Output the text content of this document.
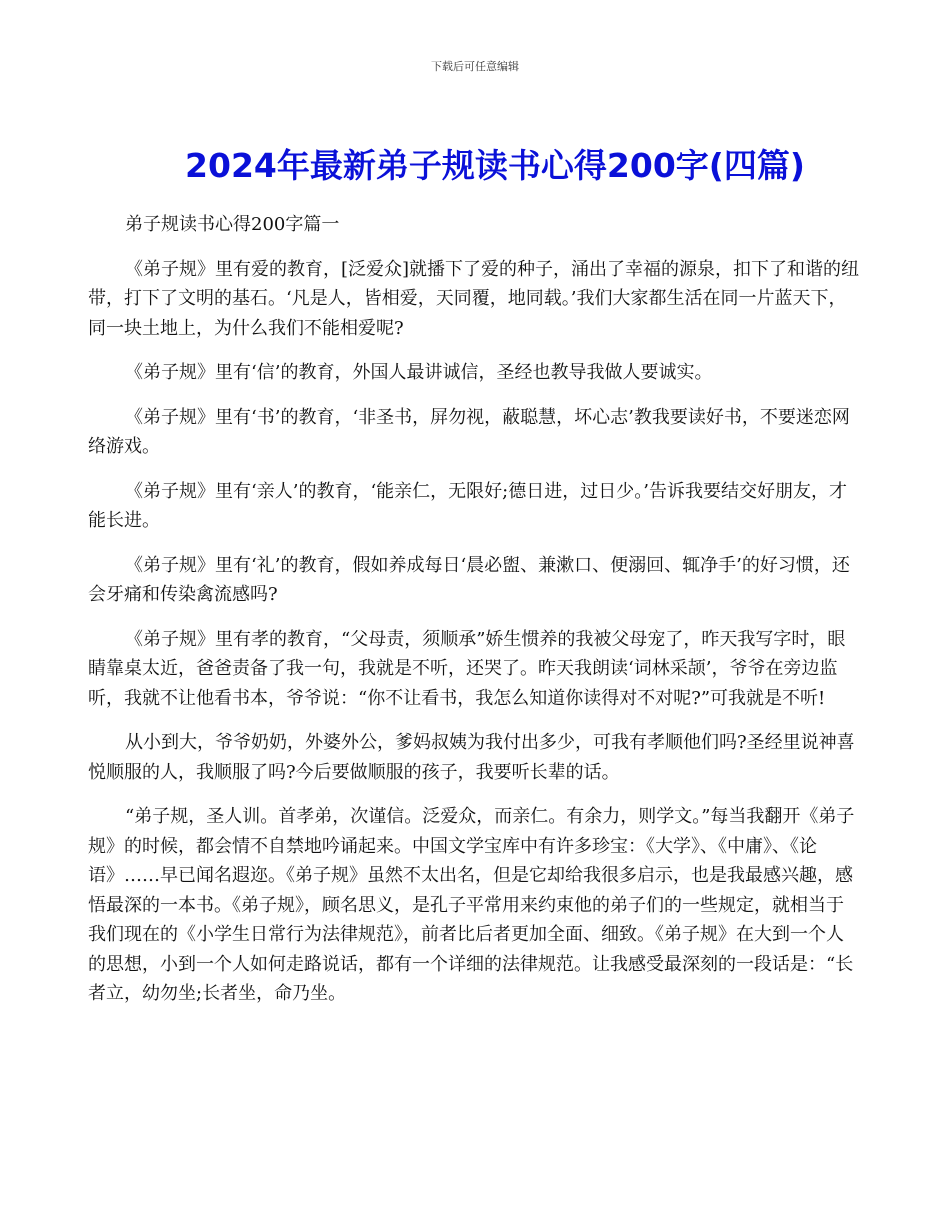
下载后可任意编辑
2024年最新弟子规读书心得200字(四篇)

弟子规读书心得200字篇一

《弟子规》里有爱的教育，[泛爱众]就播下了爱的种子，涌出了幸福的源泉，扣下了和谐的纽带，打下了文明的基石。‘凡是人，皆相爱，天同覆，地同载。’我们大家都生活在同一片蓝天下，同一块土地上，为什么我们不能相爱呢?

《弟子规》里有‘信’的教育，外国人最讲诚信，圣经也教导我做人要诚实。

《弟子规》里有‘书’的教育，‘非圣书，屏勿视，蔽聪慧，坏心志’教我要读好书，不要迷恋网络游戏。

《弟子规》里有‘亲人’的教育，‘能亲仁，无限好;德日进，过日少。’告诉我要结交好朋友，才能长进。

《弟子规》里有‘礼’的教育，假如养成每日‘晨必盥、兼漱口、便溺回、辄净手’的好习惯，还会牙痛和传染禽流感吗?

《弟子规》里有孝的教育，“父母责，须顺承”娇生惯养的我被父母宠了，昨天我写字时，眼睛靠桌太近，爸爸责备了我一句，我就是不听，还哭了。昨天我朗读‘词林采颉’，爷爷在旁边监听，我就不让他看书本，爷爷说：“你不让看书，我怎么知道你读得对不对呢?”可我就是不听!

从小到大，爷爷奶奶，外婆外公，爹妈叔姨为我付出多少，可我有孝顺他们吗?圣经里说神喜悦顺服的人，我顺服了吗?今后要做顺服的孩子，我要听长辈的话。

“弟子规，圣人训。首孝弟，次谨信。泛爱众，而亲仁。有余力，则学文。”每当我翻开《弟子规》的时候，都会情不自禁地吟诵起来。中国文学宝库中有许多珍宝：《大学》、《中庸》、《论语》……早已闻名遐迩。《弟子规》虽然不太出名，但是它却给我很多启示，也是我最感兴趣，感悟最深的一本书。《弟子规》，顾名思义，是孔子平常用来约束他的弟子们的一些规定，就相当于我们现在的《小学生日常行为法律规范》，前者比后者更加全面、细致。《弟子规》在大到一个人的思想，小到一个人如何走路说话，都有一个详细的法律规范。让我感受最深刻的一段话是：“长者立，幼勿坐;长者坐，命乃坐。
